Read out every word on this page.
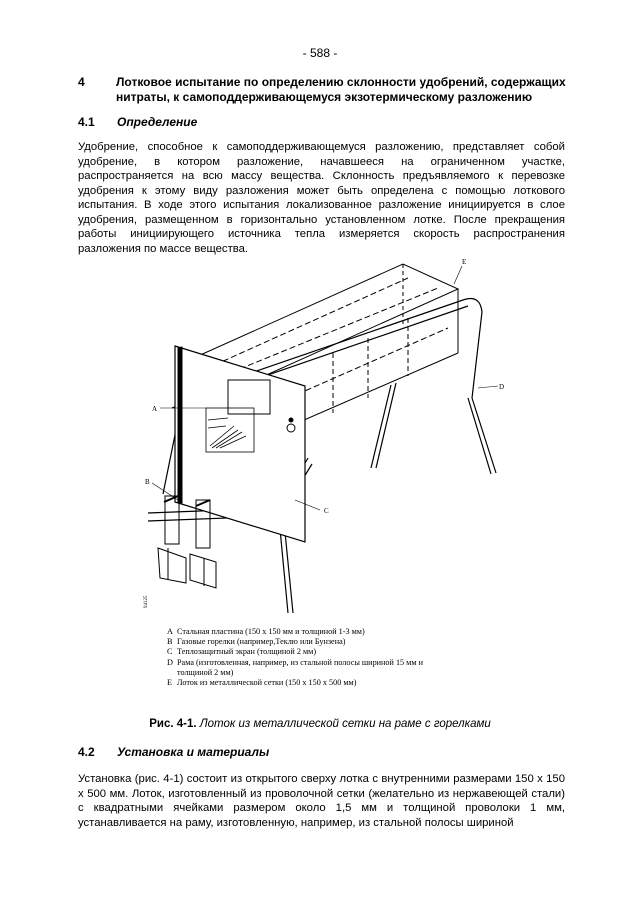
- 588 -
4	Лотковое испытание по определению склонности удобрений, содержащих нитраты, к самоподдерживающемуся экзотермическому разложению
4.1 Определение
Удобрение, способное к самоподдерживающемуся разложению, представляет собой удобрение, в котором разложение, начавшееся на ограниченном участке, распространяется на всю массу вещества. Склонность предъявляемого к перевозке удобрения к этому виду разложения может быть определена с помощью лоткового испытания. В ходе этого испытания локализованное разложение инициируется в слое удобрения, размещенном в горизонтально установленном лотке. После прекращения работы инициирующего источника тепла измеряется скорость распространения разложения по массе вещества.
A
B
C
D
E
94125
A Стальная пластина (150 x 150 мм и толщиной 1-3 мм)
B Газовые горелки (например,Теклю или Бунзена)
C Теплозащитный экран (толщиной 2 мм)
D Рама (изготовленная, например, из стальной полосы шириной 15 мм и толщиной 2 мм)
E Лоток из металлической сетки (150 x 150 x 500 мм)
Рис. 4-1. Лоток из металлической сетки на раме с горелками
4.2 Установка и материалы
Установка (рис. 4-1) состоит из открытого сверху лотка с внутренними размерами 150 х 150 х 500 мм. Лоток, изготовленный из проволочной сетки (желательно из нержавеющей стали) с квадратными ячейками размером около 1,5 мм и толщиной проволоки 1 мм, устанавливается на раму, изготовленную, например, из стальной полосы шириной
